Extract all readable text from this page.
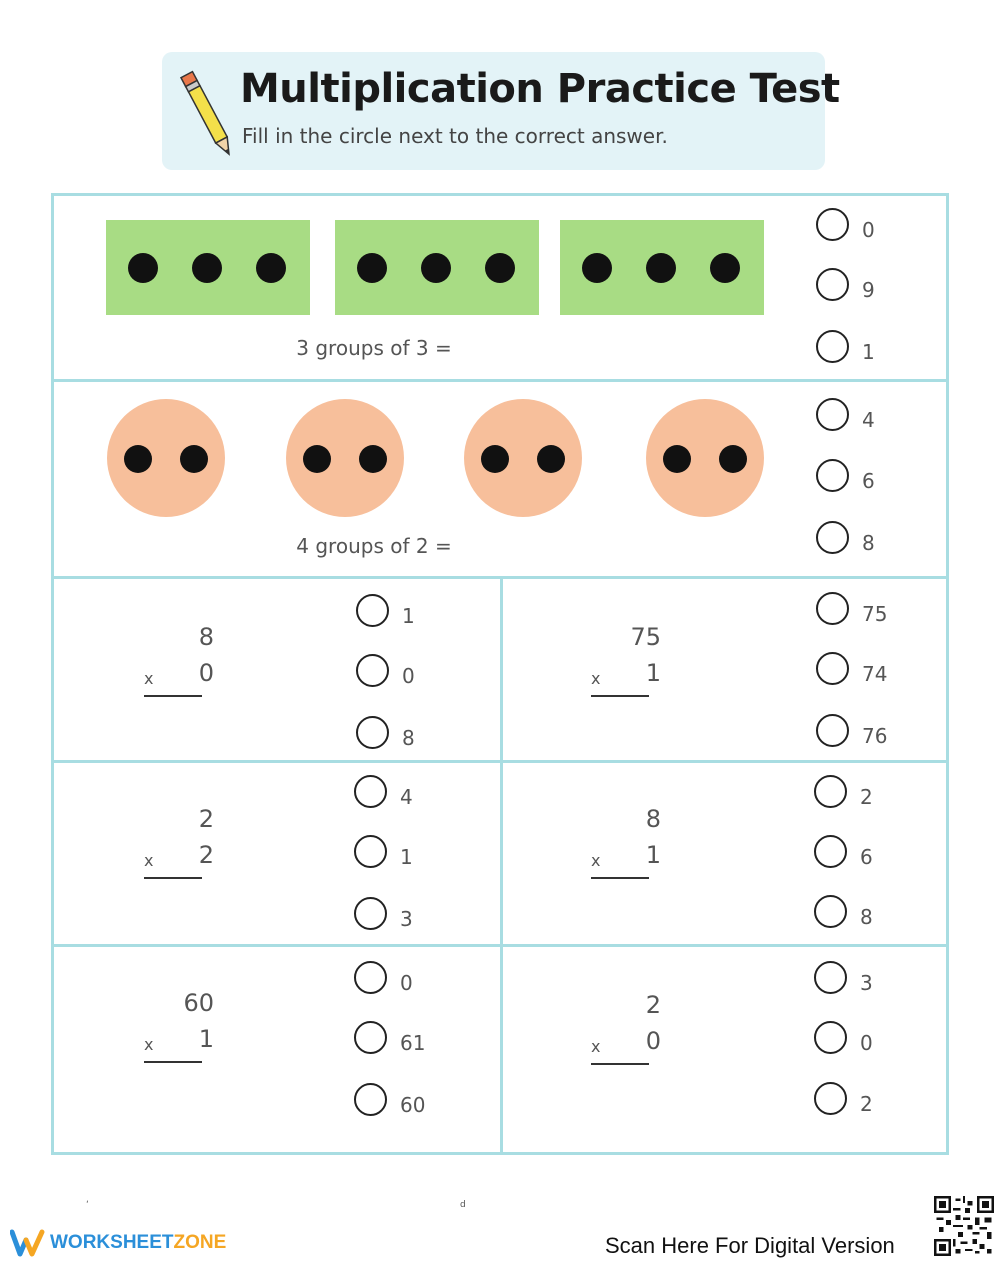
Multiplication Practice Test
Fill in the circle next to the correct answer.
3 groups of 3 =
0
9
1
4 groups of 2 =
4
6
8
8
0
x
1
0
8
75
1
x
75
74
76
2
2
x
4
1
3
8
1
x
2
6
8
60
1
x
0
61
60
2
0
x
3
0
2
‘	d
WORKSHEETZONE	Scan Here For Digital Version
